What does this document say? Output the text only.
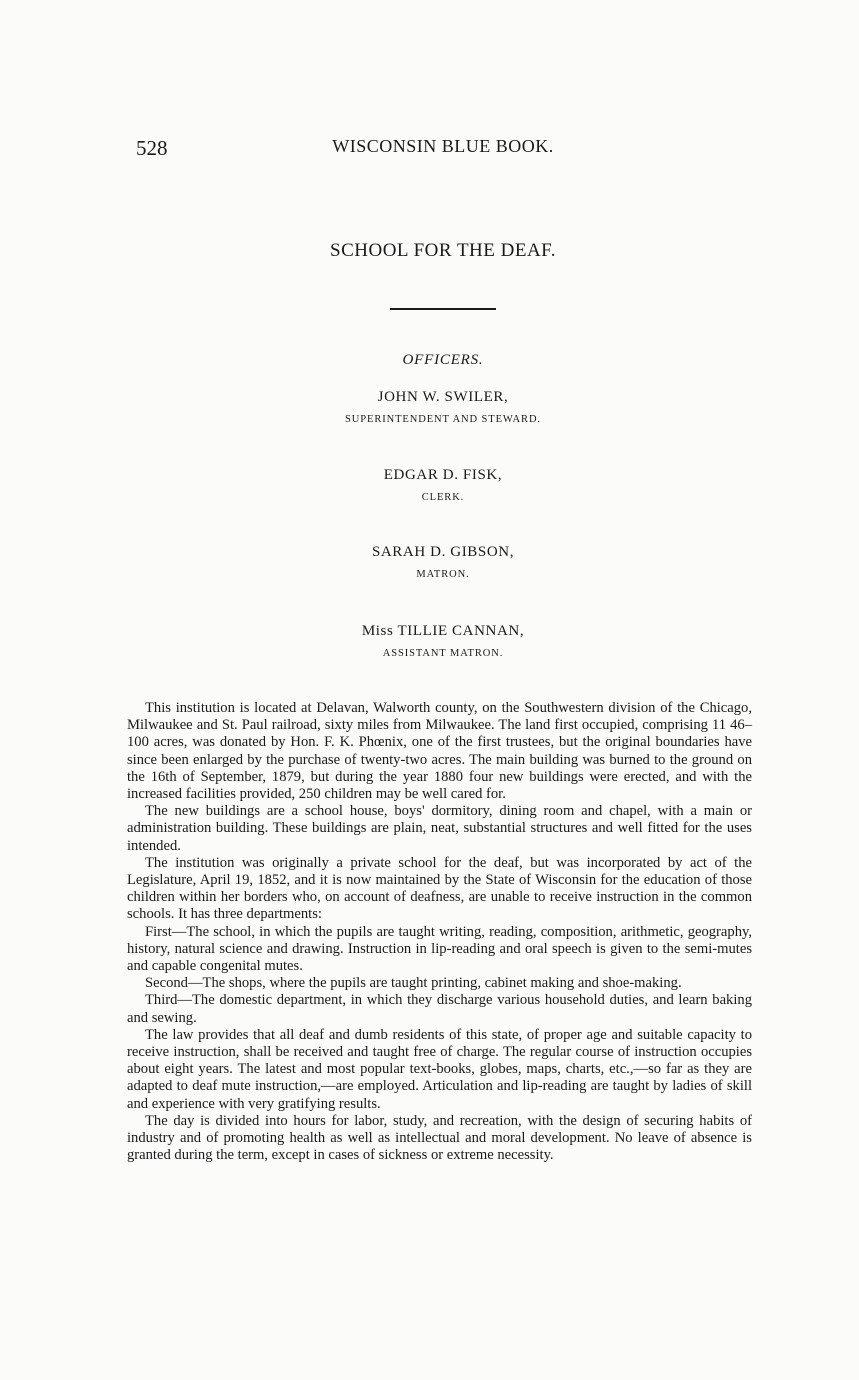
528	WISCONSIN BLUE BOOK.
SCHOOL FOR THE DEAF.
OFFICERS.
JOHN W. SWILER,
SUPERINTENDENT AND STEWARD.
EDGAR D. FISK,
CLERK.
SARAH D. GIBSON,
MATRON.
Miss TILLIE CANNAN,
ASSISTANT MATRON.

This institution is located at Delavan, Walworth county, on the Southwestern division of the Chicago, Milwaukee and St. Paul railroad, sixty miles from Milwaukee. The land first occupied, comprising 11 46–100 acres, was donated by Hon. F. K. Phœnix, one of the first trustees, but the original boundaries have since been enlarged by the purchase of twenty-two acres. The main building was burned to the ground on the 16th of September, 1879, but during the year 1880 four new buildings were erected, and with the increased facilities provided, 250 children may be well cared for.

The new buildings are a school house, boys' dormitory, dining room and chapel, with a main or administration building. These buildings are plain, neat, substantial structures and well fitted for the uses intended.

The institution was originally a private school for the deaf, but was incorporated by act of the Legislature, April 19, 1852, and it is now maintained by the State of Wisconsin for the education of those children within her borders who, on account of deafness, are unable to receive instruction in the common schools. It has three departments:

First—The school, in which the pupils are taught writing, reading, composition, arithmetic, geography, history, natural science and drawing. Instruction in lip-reading and oral speech is given to the semi-mutes and capable congenital mutes.

Second—The shops, where the pupils are taught printing, cabinet making and shoe-making.

Third—The domestic department, in which they discharge various household duties, and learn baking and sewing.

The law provides that all deaf and dumb residents of this state, of proper age and suitable capacity to receive instruction, shall be received and taught free of charge. The regular course of instruction occupies about eight years. The latest and most popular text-books, globes, maps, charts, etc.,—so far as they are adapted to deaf mute instruction,—are employed. Articulation and lip-reading are taught by ladies of skill and experience with very gratifying results.

The day is divided into hours for labor, study, and recreation, with the design of securing habits of industry and of promoting health as well as intellectual and moral development. No leave of absence is granted during the term, except in cases of sickness or extreme necessity.
